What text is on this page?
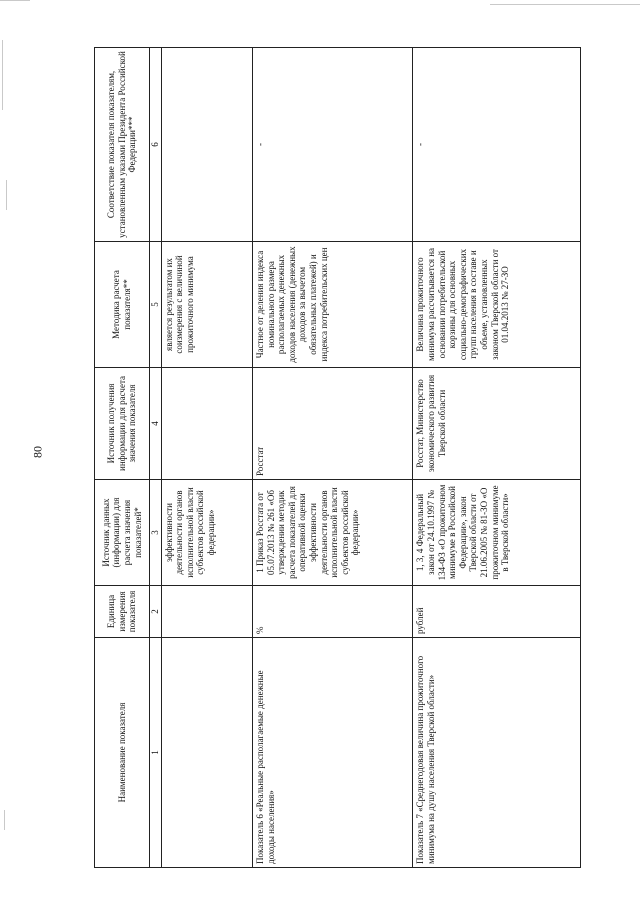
80
Наименование показателя	Единица измерения показателя	Источник данных (информации) для расчета значения показателей*	Источник получения информации для расчета значения показателя	Методика расчета показателя**	Соответствие показателя показателям, установленным указами Президента Российской Федерации***
1	2	3	4	5	6
		эффективности деятельности органов исполнительной власти субъектов российской федерации»		является результатом их соизмерения с величиной прожиточного минимума	
Показатель 6 «Реальные располагаемые денежные доходы населения»	%	1 Приказ Росстата от 05.07.2013 № 261 «Об утверждении методик расчета показателей для оперативной оценки эффективности деятельности органов исполнительной власти субъектов российской федерации»	Росстат	Частное от деления индекса номинального размера располагаемых денежных доходов населения (денежных доходов за вычетом обязательных платежей) и индекса потребительских цен	-
Показатель 7 «Среднегодовая величина прожиточного минимума на душу населения Тверской области»	рублей	1, 3, 4 Федеральный закон от 24.10.1997 № 134-ФЗ «О прожиточном минимуме в Российской Федерации», закон Тверской области от 21.06.2005 № 81-ЗО «О прожиточном минимуме в Тверской области»	Росстат, Министерство экономического развития Тверской области	Величина прожиточного минимума рассчитывается на основании потребительской корзины для основных социально-демографических групп населения в составе и объеме, установленных законом Тверской области от 01.04.2013 № 27-ЗО	-
